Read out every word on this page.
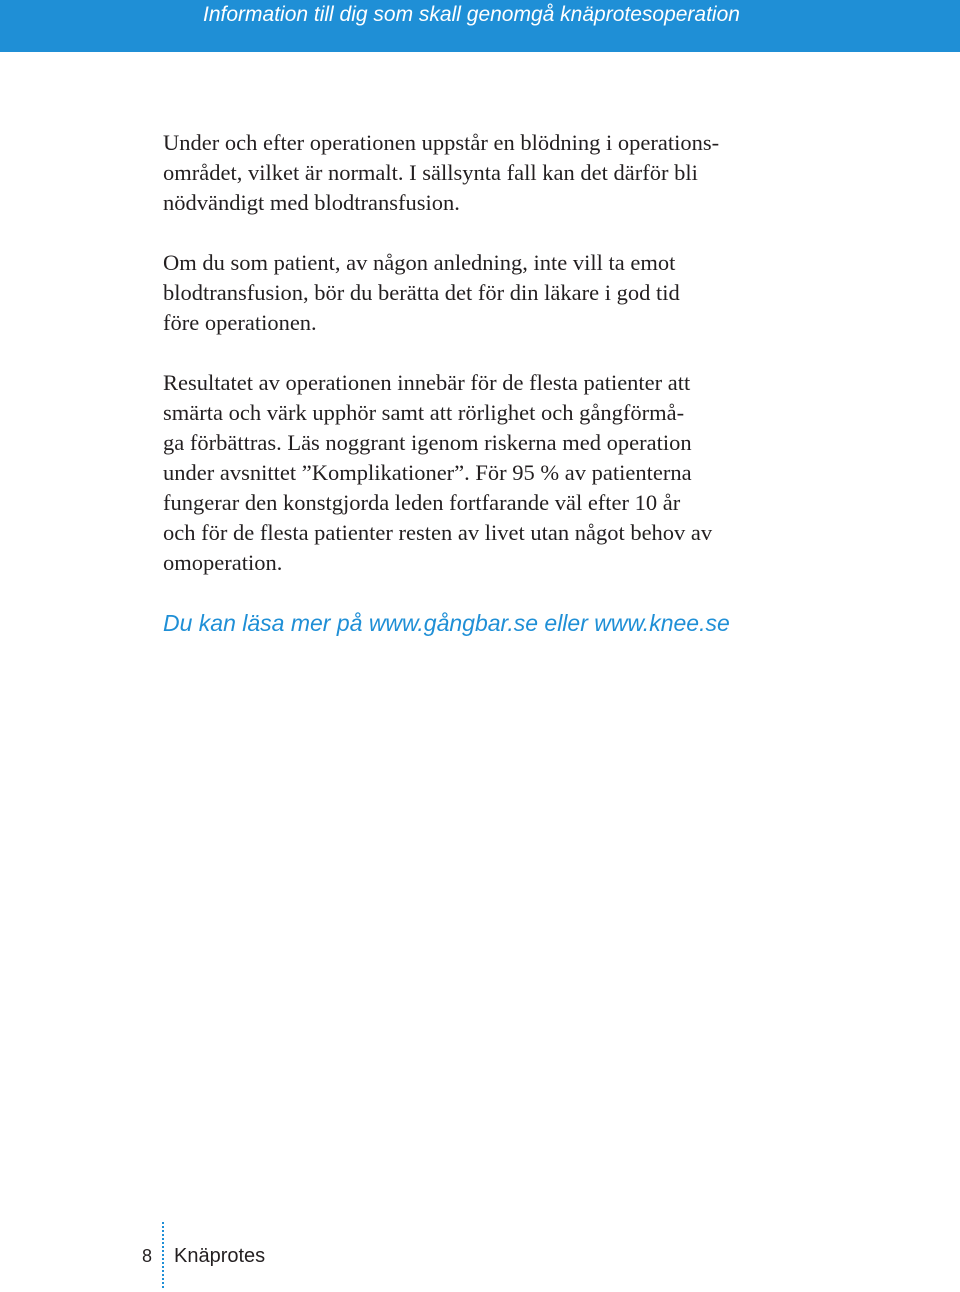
Information till dig som skall genomgå knäprotesoperation

Under och efter operationen uppstår en blödning i operations-
området, vilket är normalt. I sällsynta fall kan det därför bli
nödvändigt med blodtransfusion.

Om du som patient, av någon anledning, inte vill ta emot
blodtransfusion, bör du berätta det för din läkare i god tid
före operationen.

Resultatet av operationen innebär för de flesta patienter att
smärta och värk upphör samt att rörlighet och gångförmå-
ga förbättras. Läs noggrant igenom riskerna med operation
under avsnittet ”Komplikationer”. För 95 % av patienterna
fungerar den konstgjorda leden fortfarande väl efter 10 år
och för de flesta patienter resten av livet utan något behov av
omoperation.

Du kan läsa mer på www.gångbar.se eller www.knee.se

8 Knäprotes
